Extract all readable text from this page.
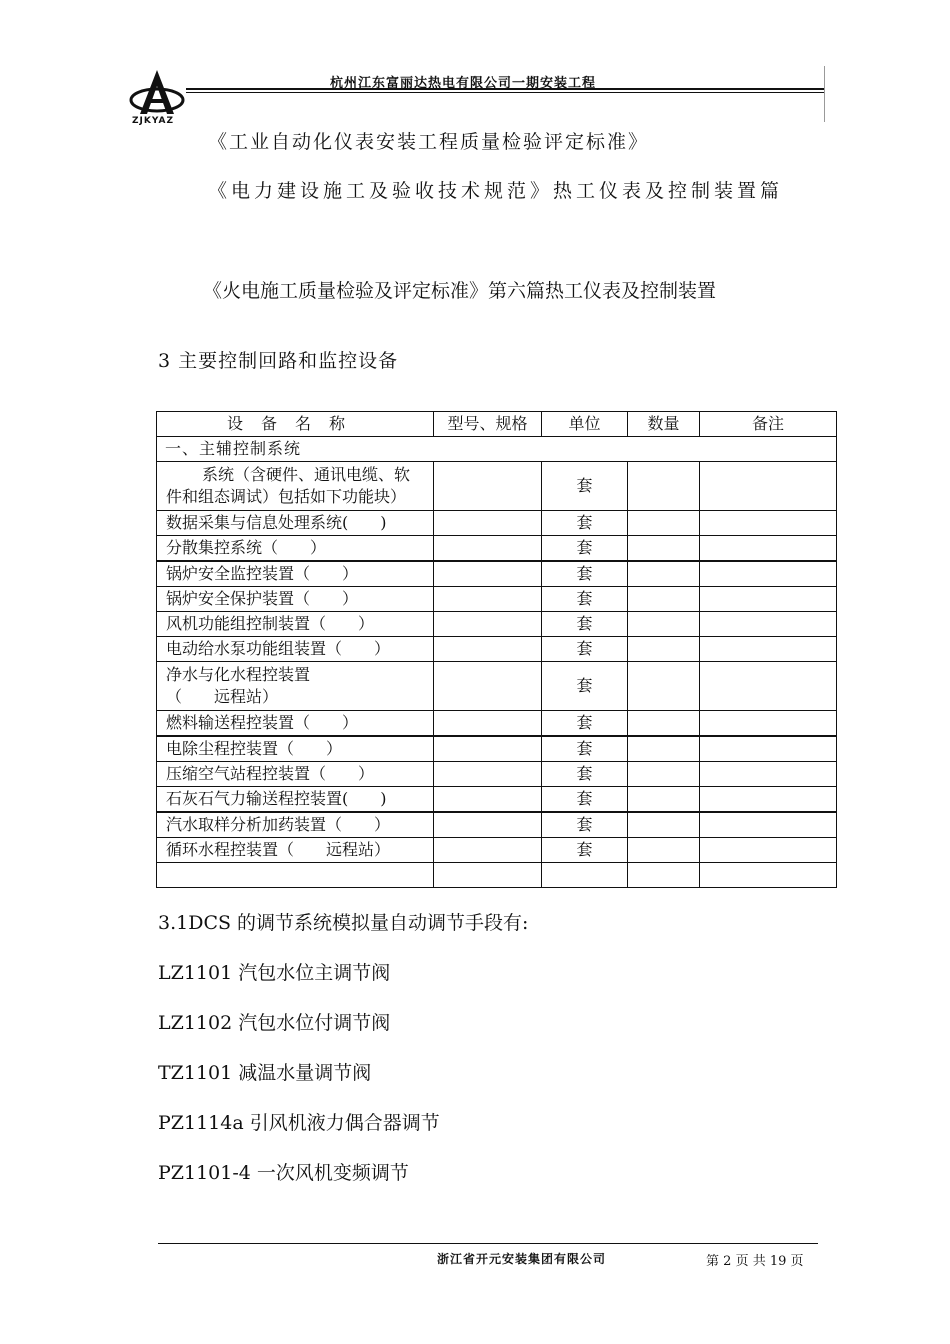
ZJKYAZ
杭州江东富丽达热电有限公司一期安装工程
《工业自动化仪表安装工程质量检验评定标准》
《电力建设施工及验收技术规范》热工仪表及控制装置篇
《火电施工质量检验及评定标准》第六篇热工仪表及控制装置
3 主要控制回路和监控设备
设备名称	型号、规格	单位	数量	备注
一、主辅控制系统				

系统（含硬件、通讯电缆、软
件和组态调试）包括如下功能块）		套		
数据采集与信息处理系统(　　)		套		
分散集控系统（　　）		套		
锅炉安全监控装置（　　）		套		
锅炉安全保护装置（　　）		套		
风机功能组控制装置（　　）		套		
电动给水泵功能组装置（　　）		套		

净水与化水程控装置
（　　远程站）		套		
燃料输送程控装置（　　）		套		
电除尘程控装置（　　）		套		
压缩空气站程控装置（　　）		套		
石灰石气力输送程控装置(　　)		套		
汽水取样分析加药装置（　　）		套		
循环水程控装置（　　远程站）		套		

3.1DCS 的调节系统模拟量自动调节手段有:
LZ1101 汽包水位主调节阀
LZ1102 汽包水位付调节阀
TZ1101 减温水量调节阀
PZ1114a 引风机液力偶合器调节
PZ1101-4 一次风机变频调节
浙江省开元安装集团有限公司	第 2 页 共 19 页
